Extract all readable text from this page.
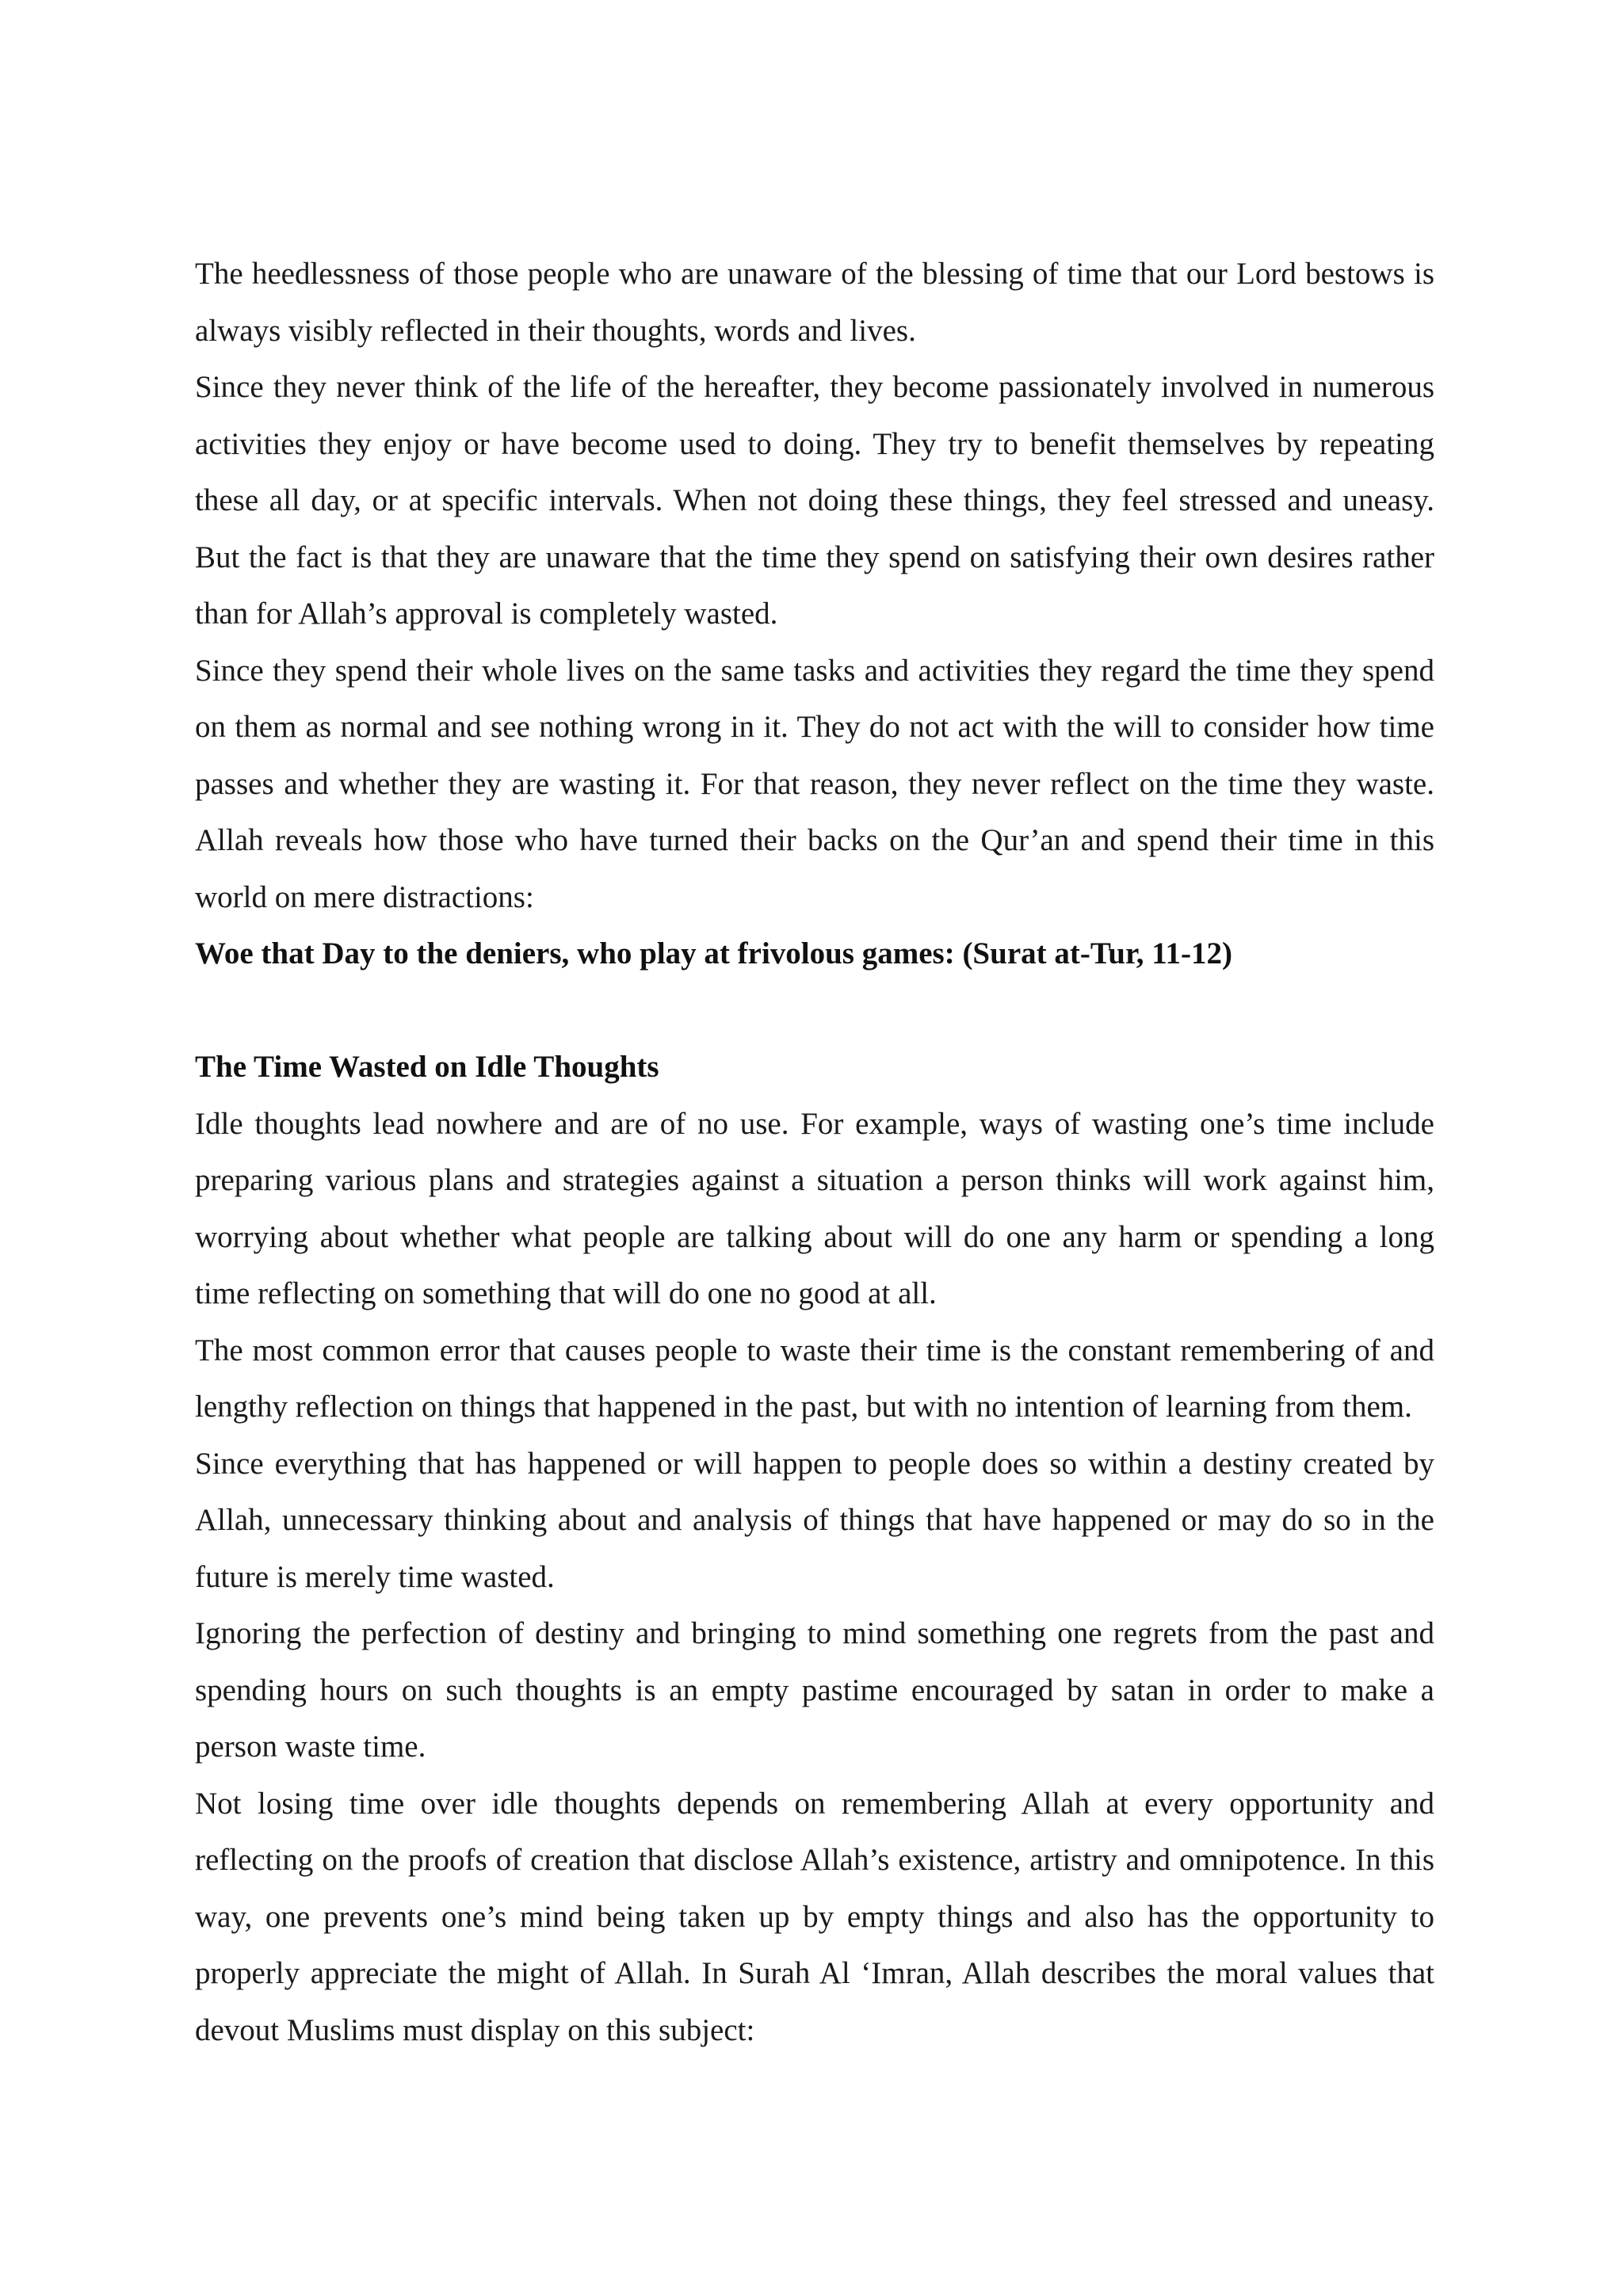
The heedlessness of those people who are unaware of the blessing of time that our Lord bestows is always visibly reflected in their thoughts, words and lives.

Since they never think of the life of the hereafter, they become passionately involved in numerous activities they enjoy or have become used to doing. They try to benefit themselves by repeating these all day, or at specific intervals. When not doing these things, they feel stressed and uneasy. But the fact is that they are unaware that the time they spend on satisfying their own desires rather than for Allah’s approval is completely wasted.

Since they spend their whole lives on the same tasks and activities they regard the time they spend on them as normal and see nothing wrong in it. They do not act with the will to consider how time passes and whether they are wasting it. For that reason, they never reflect on the time they waste. Allah reveals how those who have turned their backs on the Qur’an and spend their time in this world on mere distractions:

Woe that Day to the deniers, who play at frivolous games: (Surat at-Tur, 11-12)

The Time Wasted on Idle Thoughts

Idle thoughts lead nowhere and are of no use. For example, ways of wasting one’s time include preparing various plans and strategies against a situation a person thinks will work against him, worrying about whether what people are talking about will do one any harm or spending a long time reflecting on something that will do one no good at all.

The most common error that causes people to waste their time is the constant remembering of and lengthy reflection on things that happened in the past, but with no intention of learning from them.

Since everything that has happened or will happen to people does so within a destiny created by Allah, unnecessary thinking about and analysis of things that have happened or may do so in the future is merely time wasted.

Ignoring the perfection of destiny and bringing to mind something one regrets from the past and spending hours on such thoughts is an empty pastime encouraged by satan in order to make a person waste time.

Not losing time over idle thoughts depends on remembering Allah at every opportunity and reflecting on the proofs of creation that disclose Allah’s existence, artistry and omnipotence. In this way, one prevents one’s mind being taken up by empty things and also has the opportunity to properly appreciate the might of Allah. In Surah Al ‘Imran, Allah describes the moral values that devout Muslims must display on this subject:
